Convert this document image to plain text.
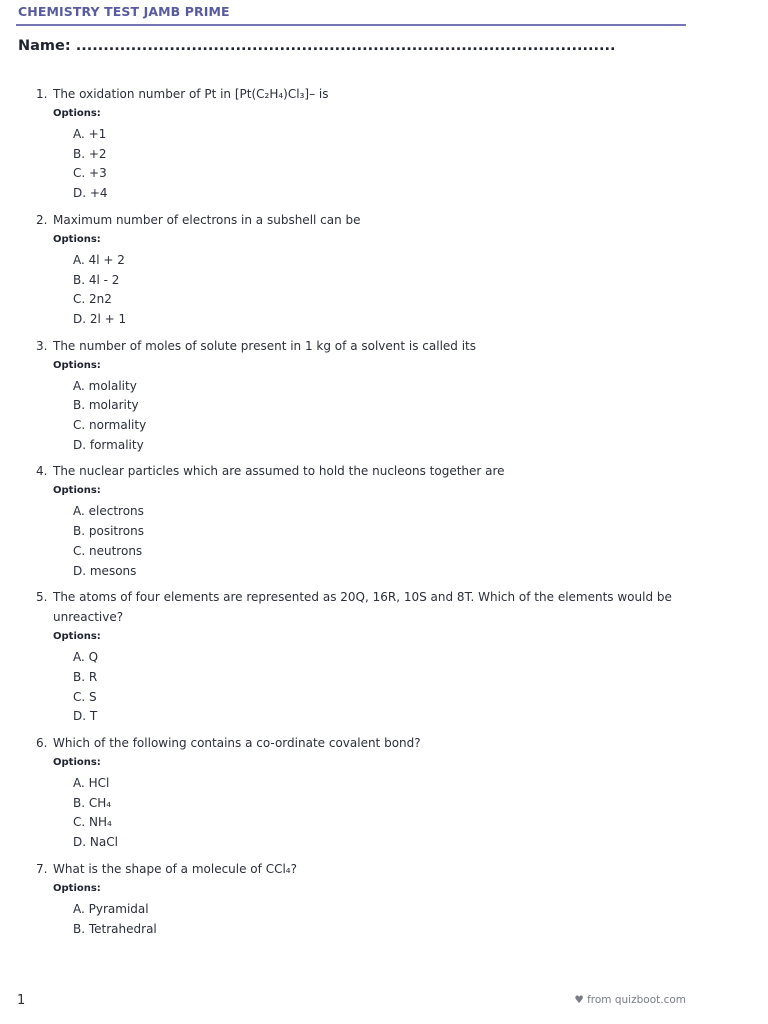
CHEMISTRY TEST JAMB PRIME
Name: ..................................................................................................
1. The oxidation number of Pt in [Pt(C₂H₄)Cl₃]– is
Options:
A. +1
B. +2
C. +3
D. +4
2. Maximum number of electrons in a subshell can be
Options:
A. 4l + 2
B. 4l - 2
C. 2n2
D. 2l + 1
3. The number of moles of solute present in 1 kg of a solvent is called its
Options:
A. molality
B. molarity
C. normality
D. formality
4. The nuclear particles which are assumed to hold the nucleons together are
Options:
A. electrons
B. positrons
C. neutrons
D. mesons
5. The atoms of four elements are represented as 20Q, 16R, 10S and 8T. Which of the elements would be unreactive?
Options:
A. Q
B. R
C. S
D. T
6. Which of the following contains a co-ordinate covalent bond?
Options:
A. HCl
B. CH₄
C. NH₄
D. NaCl
7. What is the shape of a molecule of CCl₄?
Options:
A. Pyramidal
B. Tetrahedral
1	♥ from quizboot.com
